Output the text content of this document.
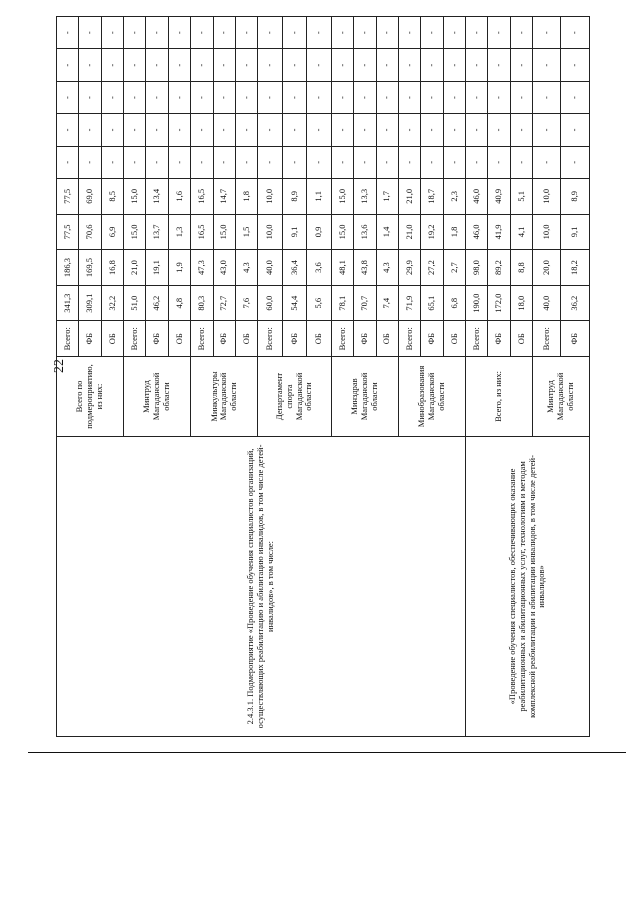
22
2.4.3.1. Подмероприятие «Проведение обучения специалистов организаций, осуществляющих реабилитацию и абилитацию инвалидов, в том числе детей-инвалидов», в том числе:	Всего по подмероприятию, из них:	Всего:	341,3	186,3	77,5	77,5	-	-	-	-	-
		ФБ	309,1	169,5	70,6	69,0	-	-	-	-	-
		ОБ	32,2	16,8	6,9	8,5	-	-	-	-	-
	Минтруд Магаданской области	Всего:	51,0	21,0	15,0	15,0	-	-	-	-	-
		ФБ	46,2	19,1	13,7	13,4	-	-	-	-	-
		ОБ	4,8	1,9	1,3	1,6	-	-	-	-	-
	Минкультуры Магаданской области	Всего:	80,3	47,3	16,5	16,5	-	-	-	-	-
		ФБ	72,7	43,0	15,0	14,7	-	-	-	-	-
		ОБ	7,6	4,3	1,5	1,8	-	-	-	-	-
	Департамент спорта Магаданской области	Всего:	60,0	40,0	10,0	10,0	-	-	-	-	-
		ФБ	54,4	36,4	9,1	8,9	-	-	-	-	-
		ОБ	5,6	3,6	0,9	1,1	-	-	-	-	-
	Минздрав Магаданской области	Всего:	78,1	48,1	15,0	15,0	-	-	-	-	-
		ФБ	70,7	43,8	13,6	13,3	-	-	-	-	-
		ОБ	7,4	4,3	1,4	1,7	-	-	-	-	-
	Минобразования Магаданской области	Всего:	71,9	29,9	21,0	21,0	-	-	-	-	-
		ФБ	65,1	27,2	19,2	18,7	-	-	-	-	-
		ОБ	6,8	2,7	1,8	2,3	-	-	-	-	-
«Проведение обучения специалистов, обеспечивающих оказание реабилитационных и абилитационных услуг, технологиям и методам комплексной реабилитации и абилитации инвалидов, в том числе детей-инвалидов»	Всего, из них:	Всего:	190,0	98,0	46,0	46,0	-	-	-	-	-
		ФБ	172,0	89,2	41,9	40,9	-	-	-	-	-
		ОБ	18,0	8,8	4,1	5,1	-	-	-	-	-
	Минтруд Магаданской области	Всего:	40,0	20,0	10,0	10,0	-	-	-	-	-
		ФБ	36,2	18,2	9,1	8,9	-	-	-	-	-
